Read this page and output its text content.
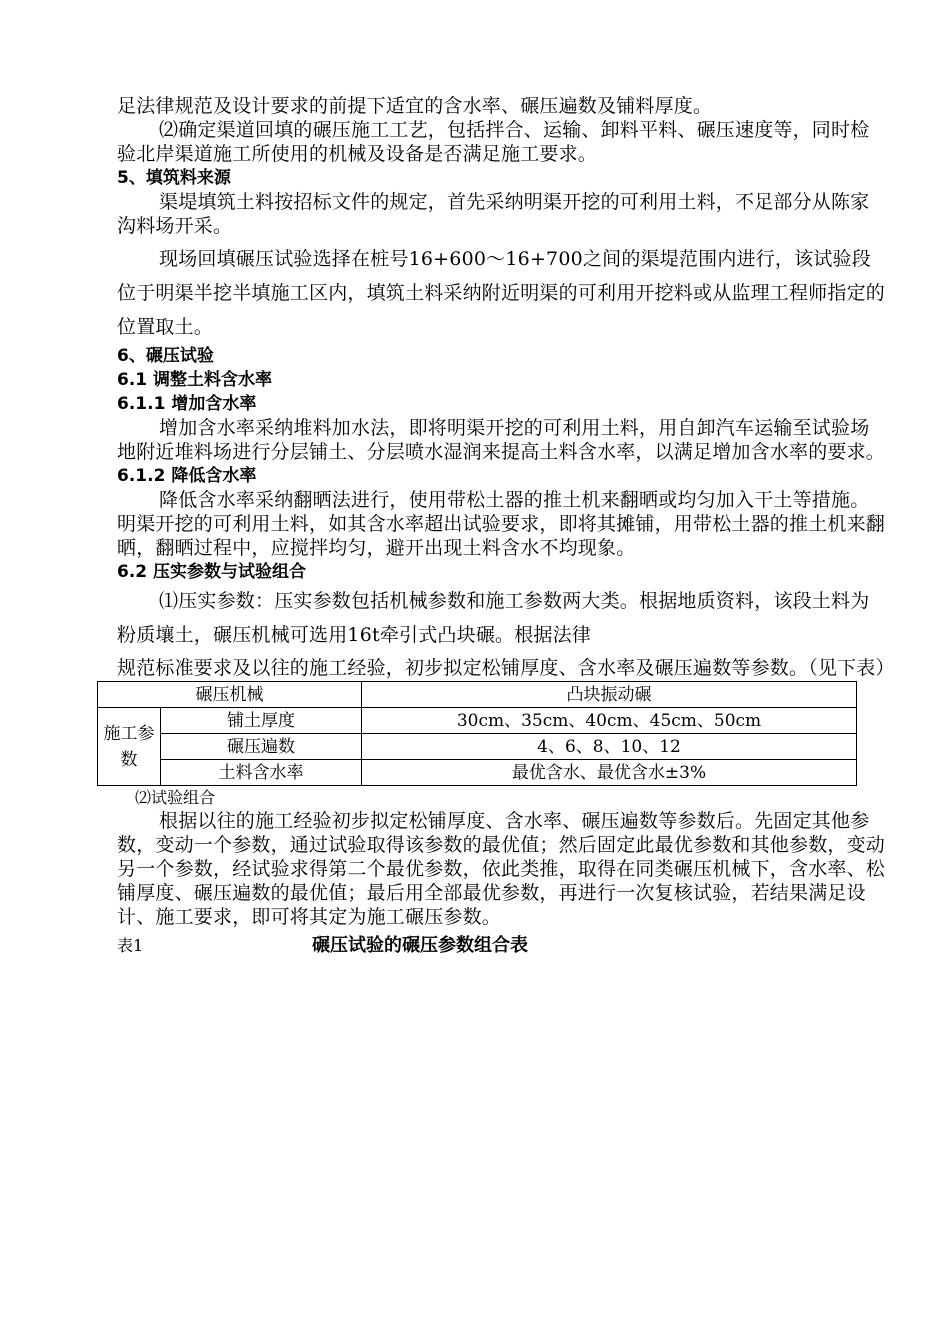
足法律规范及设计要求的前提下适宜的含水率、碾压遍数及铺料厚度。

⑵确定渠道回填的碾压施工工艺，包括拌合、运输、卸料平料、碾压速度等，同时检验北岸渠道施工所使用的机械及设备是否满足施工要求。

5、填筑料来源

渠堤填筑土料按招标文件的规定，首先采纳明渠开挖的可利用土料，不足部分从陈家沟料场开采。

现场回填碾压试验选择在桩号16+600～16+700之间的渠堤范围内进行，该试验段位于明渠半挖半填施工区内，填筑土料采纳附近明渠的可利用开挖料或从监理工程师指定的位置取土。

6、碾压试验

6.1 调整土料含水率

6.1.1 增加含水率

增加含水率采纳堆料加水法，即将明渠开挖的可利用土料，用自卸汽车运输至试验场地附近堆料场进行分层铺土、分层喷水湿润来提高土料含水率，以满足增加含水率的要求。

6.1.2 降低含水率

降低含水率采纳翻晒法进行，使用带松土器的推土机来翻晒或均匀加入干土等措施。明渠开挖的可利用土料，如其含水率超出试验要求，即将其摊铺，用带松土器的推土机来翻晒，翻晒过程中，应搅拌均匀，避开出现土料含水不均现象。

6.2 压实参数与试验组合

⑴压实参数：压实参数包括机械参数和施工参数两大类。根据地质资料，该段土料为粉质壤土，碾压机械可选用16t牵引式凸块碾。根据法律

规范标准要求及以往的施工经验，初步拟定松铺厚度、含水率及碾压遍数等参数。（见下表）

碾压机械		凸块振动碾
施工参数	铺土厚度	30cm、35cm、40cm、45cm、50cm
	碾压遍数	4、6、8、10、12
	土料含水率	最优含水、最优含水±3%

⑵试验组合

根据以往的施工经验初步拟定松铺厚度、含水率、碾压遍数等参数后。先固定其他参数，变动一个参数，通过试验取得该参数的最优值；然后固定此最优参数和其他参数，变动另一个参数，经试验求得第二个最优参数，依此类推，取得在同类碾压机械下，含水率、松铺厚度、碾压遍数的最优值；最后用全部最优参数，再进行一次复核试验，若结果满足设计、施工要求，即可将其定为施工碾压参数。

表1	碾压试验的碾压参数组合表
